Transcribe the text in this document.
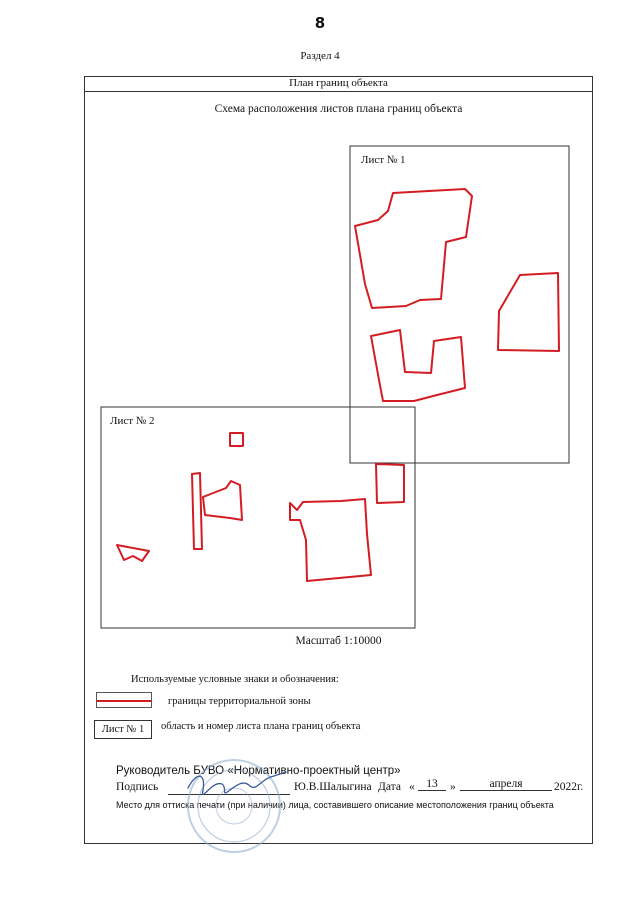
8
Раздел 4
План границ объекта
Схема расположения листов плана границ объекта
Лист № 1
Лист № 2
Масштаб 1:10000
Используемые условные знаки и обозначения:
границы территориальной зоны
Лист № 1	область и номер листа плана границ объекта
Руководитель БУВО «Нормативно-проектный центр»
Подпись	Ю.В.Шалыгина Дата «	13	»	апреля	2022г.
Место для оттиска печати (при наличии) лица, составившего описание местоположения границ объекта
